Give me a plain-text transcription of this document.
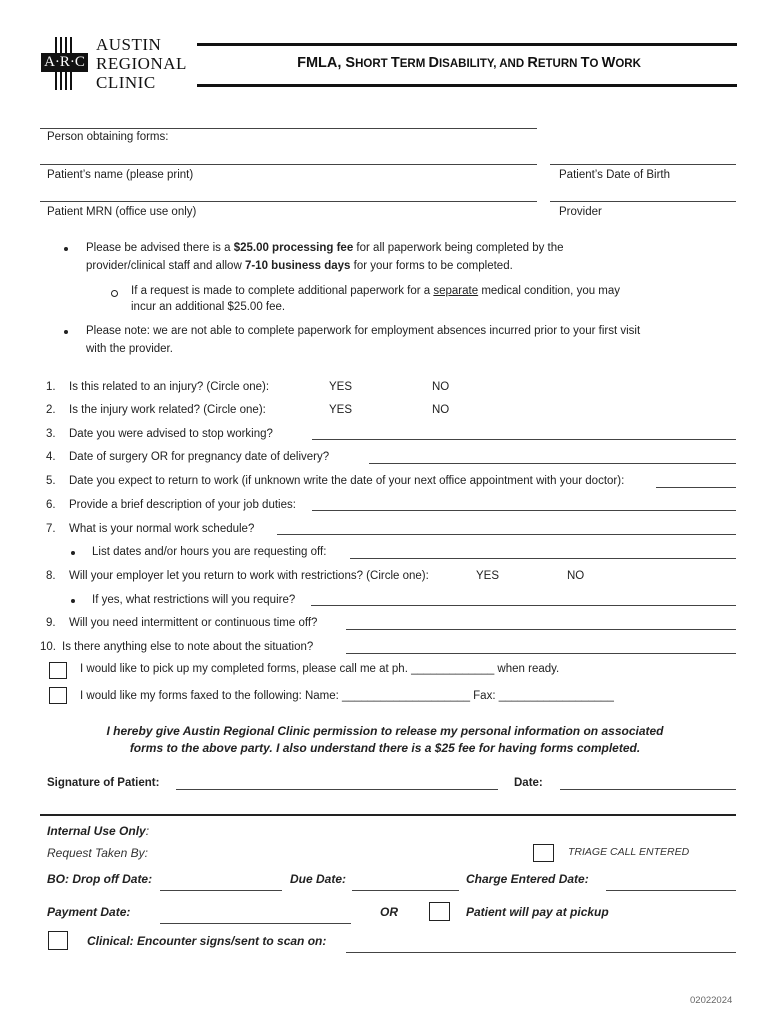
A·R·C
AUSTIN
REGIONAL
CLINIC
FMLA, SHORT TERM DISABILITY, AND RETURN TO WORK
Person obtaining forms:
Patient’s name (please print)	Patient’s Date of Birth
Patient MRN (office use only)	Provider
Please be advised there is a $25.00 processing fee for all paperwork being completed by the
provider/clinical staff and allow 7-10 business days for your forms to be completed.
If a request is made to complete additional paperwork for a separate medical condition, you may
incur an additional $25.00 fee.
Please note: we are not able to complete paperwork for employment absences incurred prior to your first visit
with the provider.
1. Is this related to an injury? (Circle one):	YES	NO
2. Is the injury work related? (Circle one):	YES	NO
3. Date you were advised to stop working?
4. Date of surgery OR for pregnancy date of delivery?
5. Date you expect to return to work (if unknown write the date of your next office appointment with your doctor):
6. Provide a brief description of your job duties:
7. What is your normal work schedule?
List dates and/or hours you are requesting off:
8. Will your employer let you return to work with restrictions? (Circle one):	YES	NO
If yes, what restrictions will you require?
9. Will you need intermittent or continuous time off?
10. Is there anything else to note about the situation?
I would like to pick up my completed forms, please call me at ph. _____________ when ready.
I would like my forms faxed to the following: Name: ____________________ Fax: __________________
I hereby give Austin Regional Clinic permission to release my personal information on associated
forms to the above party. I also understand there is a $25 fee for having forms completed.
Signature of Patient:	Date:
Internal Use Only:
Request Taken By:	TRIAGE CALL ENTERED
BO: Drop off Date:	Due Date:	Charge Entered Date:
Payment Date:	OR	Patient will pay at pickup
Clinical: Encounter signs/sent to scan on:
02022024
